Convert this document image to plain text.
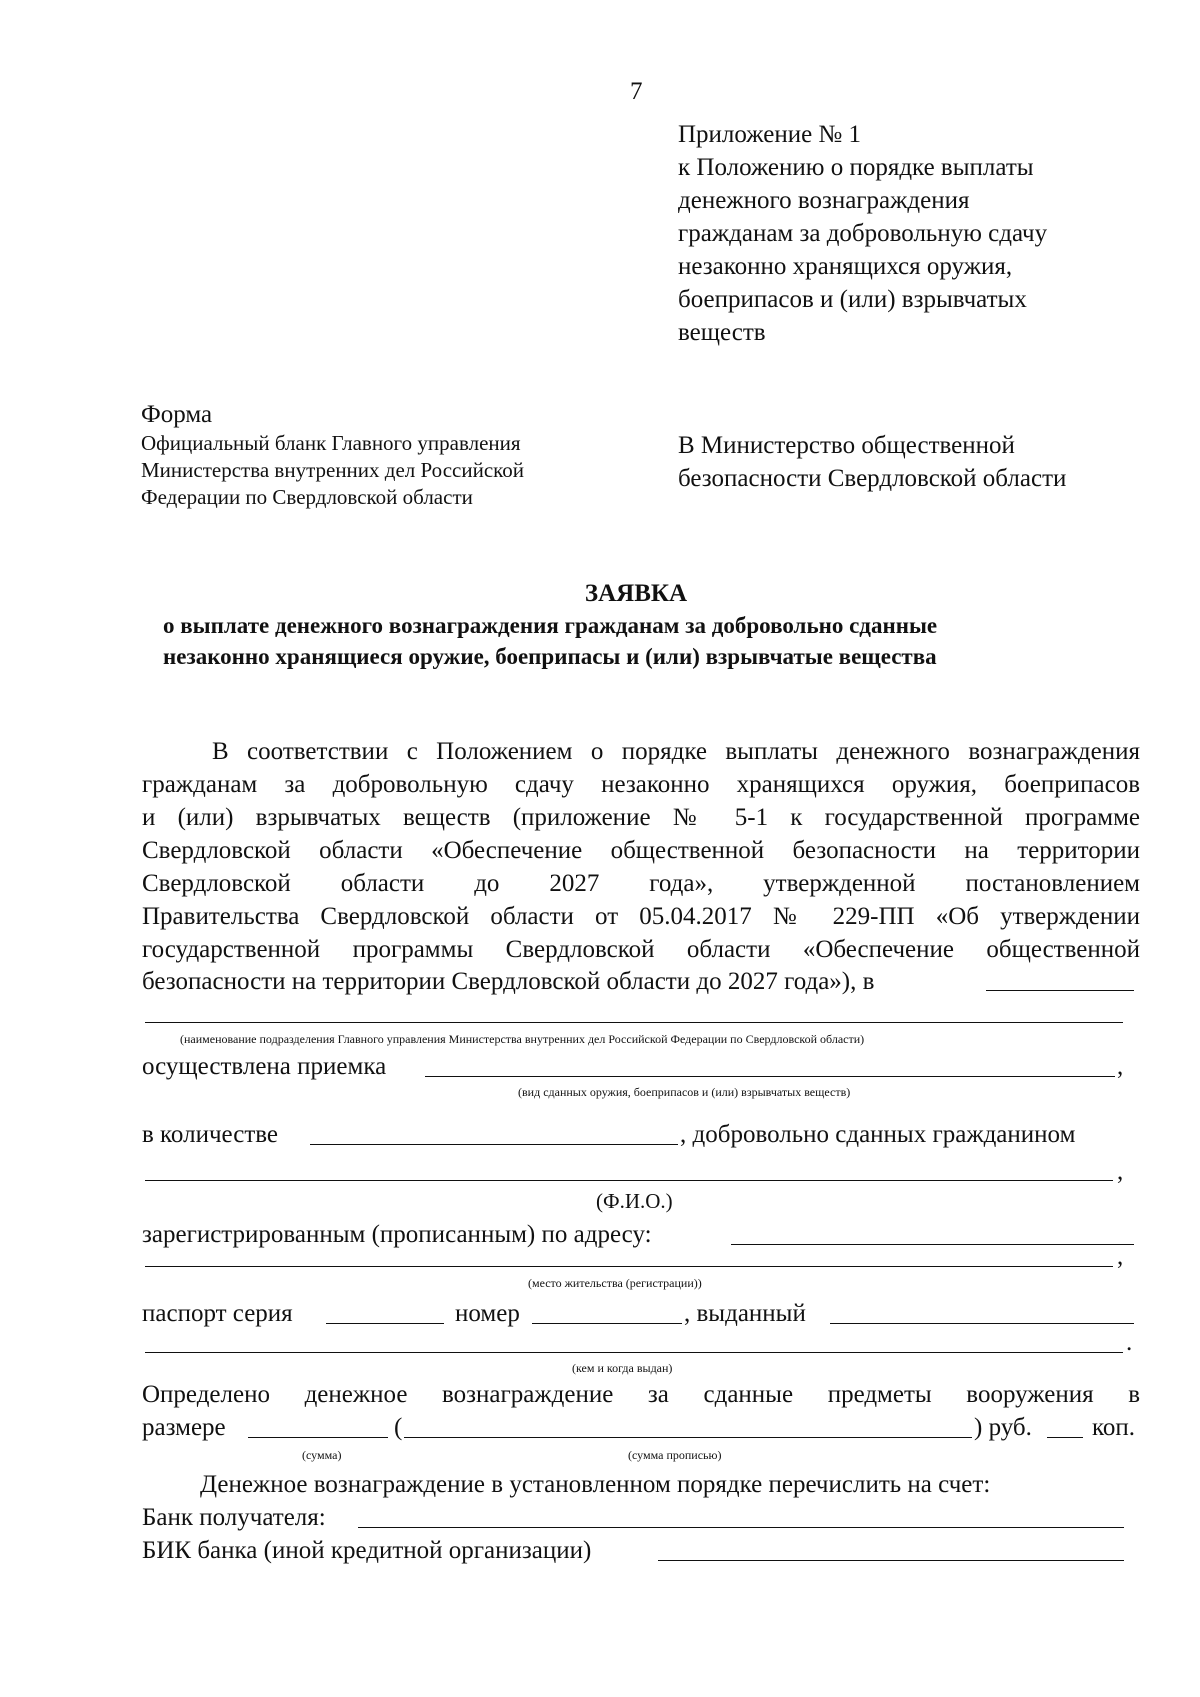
7
Приложение № 1
к Положению о порядке выплаты
денежного вознаграждения
гражданам за добровольную сдачу
незаконно хранящихся оружия,
боеприпасов и (или) взрывчатых
веществ
Форма
Официальный бланк Главного управления
Министерства внутренних дел Российской
Федерации по Свердловской области
В Министерство общественной
безопасности Свердловской области
ЗАЯВКА
о выплате денежного вознаграждения гражданам за добровольно сданные
незаконно хранящиеся оружие, боеприпасы и (или) взрывчатые вещества
В соответствии с Положением о порядке выплаты денежного вознаграждения
гражданам за добровольную сдачу незаконно хранящихся оружия, боеприпасов
и (или) взрывчатых веществ (приложение № 5-1 к государственной программе
Свердловской области «Обеспечение общественной безопасности на территории
Свердловской области до 2027 года», утвержденной постановлением
Правительства Свердловской области от 05.04.2017 № 229-ПП «Об утверждении
государственной программы Свердловской области «Обеспечение общественной
безопасности на территории Свердловской области до 2027 года»), в
(наименование подразделения Главного управления Министерства внутренних дел Российской Федерации по Свердловской области)
осуществлена приемка	,
(вид сданных оружия, боеприпасов и (или) взрывчатых веществ)
в количестве	, добровольно сданных гражданином
,
(Ф.И.О.)
зарегистрированным (прописанным) по адресу:
,
(место жительства (регистрации))
паспорт серия	номер	, выданный
.
(кем и когда выдан)
Определено денежное вознаграждение за сданные предметы вооружения в
размере	(	) руб. коп.
(сумма)	(сумма прописью)
Денежное вознаграждение в установленном порядке перечислить на счет:
Банк получателя:
БИК банка (иной кредитной организации)
